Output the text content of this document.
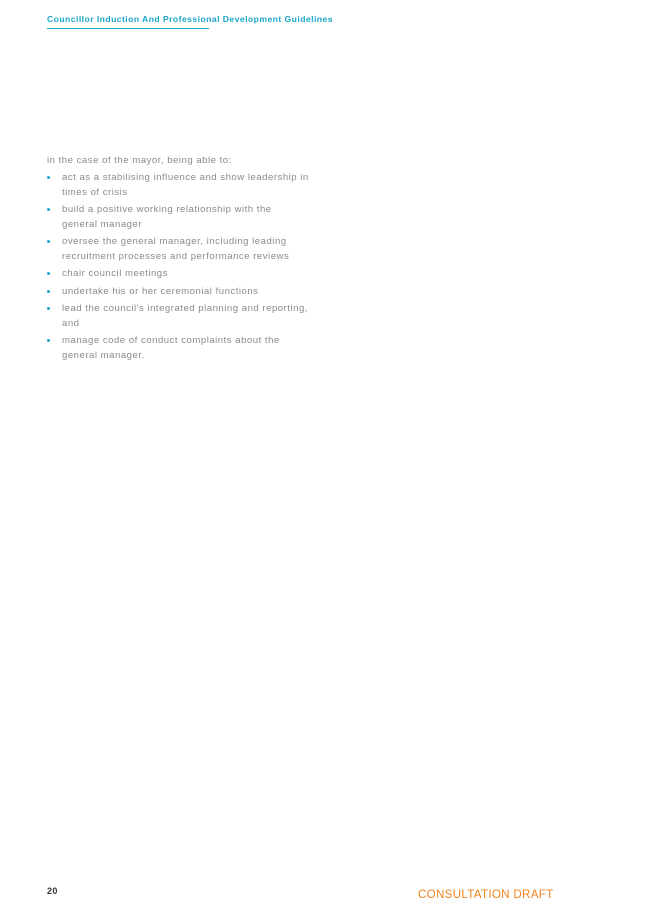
Councillor Induction And Professional Development Guidelines
in the case of the mayor, being able to:
act as a stabilising influence and show leadership in times of crisis
build a positive working relationship with the general manager
oversee the general manager, including leading recruitment processes and performance reviews
chair council meetings
undertake his or her ceremonial functions
lead the council's integrated planning and reporting, and
manage code of conduct complaints about the general manager.
20	CONSULTATION DRAFT
